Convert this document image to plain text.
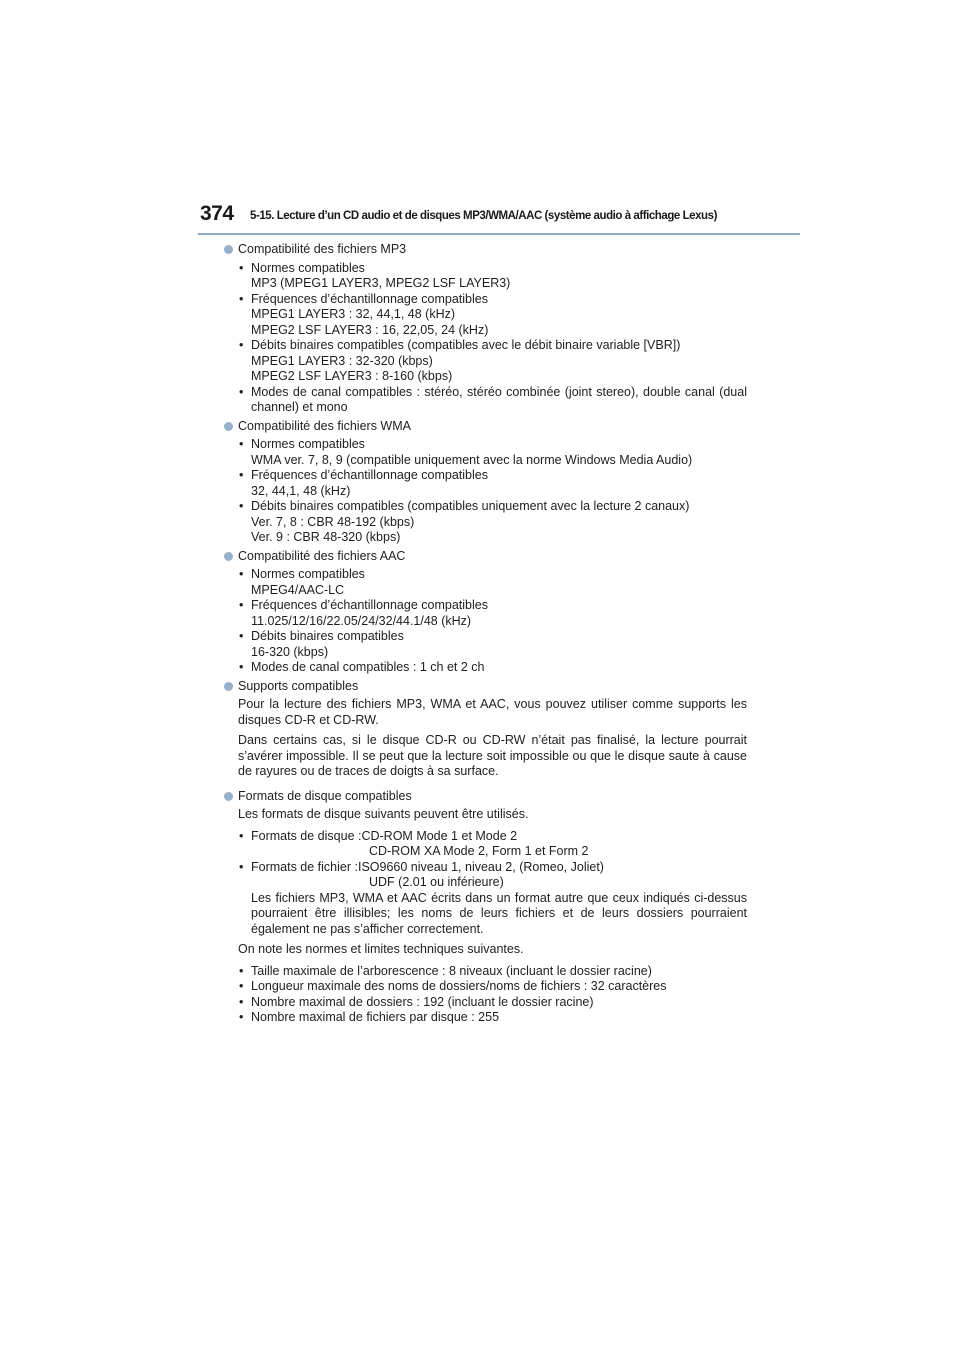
374 5-15. Lecture d’un CD audio et de disques MP3/WMA/AAC (système audio à affichage Lexus)
Compatibilité des fichiers MP3
• Normes compatibles
MP3 (MPEG1 LAYER3, MPEG2 LSF LAYER3)
• Fréquences d’échantillonnage compatibles
MPEG1 LAYER3 : 32, 44,1, 48 (kHz)
MPEG2 LSF LAYER3 : 16, 22,05, 24 (kHz)
• Débits binaires compatibles (compatibles avec le débit binaire variable [VBR])
MPEG1 LAYER3 : 32-320 (kbps)
MPEG2 LSF LAYER3 : 8-160 (kbps)
• Modes de canal compatibles : stéréo, stéréo combinée (joint stereo), double canal (dual channel) et mono
Compatibilité des fichiers WMA
• Normes compatibles
WMA ver. 7, 8, 9 (compatible uniquement avec la norme Windows Media Audio)
• Fréquences d’échantillonnage compatibles
32, 44,1, 48 (kHz)
• Débits binaires compatibles (compatibles uniquement avec la lecture 2 canaux)
Ver. 7, 8 : CBR 48-192 (kbps)
Ver. 9 : CBR 48-320 (kbps)
Compatibilité des fichiers AAC
• Normes compatibles
MPEG4/AAC-LC
• Fréquences d’échantillonnage compatibles
11.025/12/16/22.05/24/32/44.1/48 (kHz)
• Débits binaires compatibles
16-320 (kbps)
• Modes de canal compatibles : 1 ch et 2 ch
Supports compatibles

Pour la lecture des fichiers MP3, WMA et AAC, vous pouvez utiliser comme supports les disques CD-R et CD-RW.

Dans certains cas, si le disque CD-R ou CD-RW n’était pas finalisé, la lecture pourrait s’avérer impossible. Il se peut que la lecture soit impossible ou que le disque saute à cause de rayures ou de traces de doigts à sa surface.

Formats de disque compatibles

Les formats de disque suivants peuvent être utilisés.

• Formats de disque : CD-ROM Mode 1 et Mode 2
CD-ROM XA Mode 2, Form 1 et Form 2
• Formats de fichier : ISO9660 niveau 1, niveau 2, (Romeo, Joliet)
UDF (2.01 ou inférieure)
Les fichiers MP3, WMA et AAC écrits dans un format autre que ceux indiqués ci-dessus pourraient être illisibles; les noms de leurs fichiers et de leurs dossiers pourraient également ne pas s’afficher correctement.

On note les normes et limites techniques suivantes.

• Taille maximale de l’arborescence : 8 niveaux (incluant le dossier racine)
• Longueur maximale des noms de dossiers/noms de fichiers : 32 caractères
• Nombre maximal de dossiers : 192 (incluant le dossier racine)
• Nombre maximal de fichiers par disque : 255
